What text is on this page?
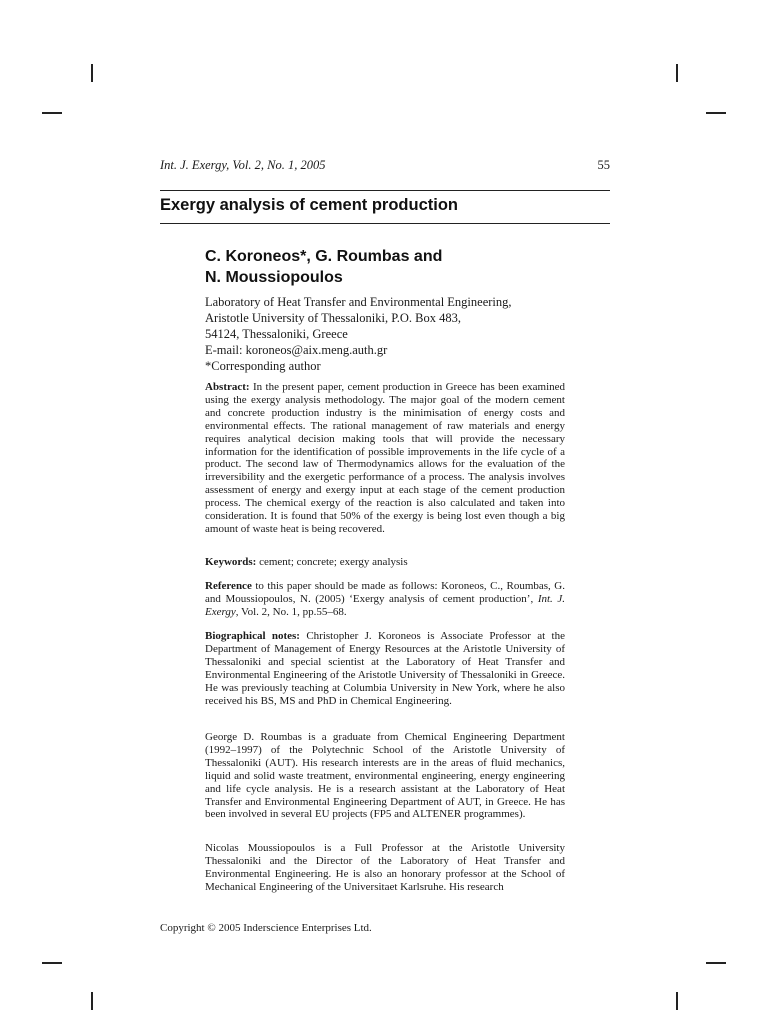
Int. J. Exergy, Vol. 2, No. 1, 2005	55
Exergy analysis of cement production
C. Koroneos*, G. Roumbas and
N. Moussiopoulos
Laboratory of Heat Transfer and Environmental Engineering,
Aristotle University of Thessaloniki, P.O. Box 483,
54124, Thessaloniki, Greece
E-mail: koroneos@aix.meng.auth.gr
*Corresponding author

Abstract: In the present paper, cement production in Greece has been examined using the exergy analysis methodology. The major goal of the modern cement and concrete production industry is the minimisation of energy costs and environmental effects. The rational management of raw materials and energy requires analytical decision making tools that will provide the necessary information for the identification of possible improvements in the life cycle of a product. The second law of Thermodynamics allows for the evaluation of the irreversibility and the exergetic performance of a process. The analysis involves assessment of energy and exergy input at each stage of the cement production process. The chemical exergy of the reaction is also calculated and taken into consideration. It is found that 50% of the exergy is being lost even though a big amount of waste heat is being recovered.

Keywords: cement; concrete; exergy analysis

Reference to this paper should be made as follows: Koroneos, C., Roumbas, G. and Moussiopoulos, N. (2005) ‘Exergy analysis of cement production’, Int. J. Exergy, Vol. 2, No. 1, pp.55–68.

Biographical notes: Christopher J. Koroneos is Associate Professor at the Department of Management of Energy Resources at the Aristotle University of Thessaloniki and special scientist at the Laboratory of Heat Transfer and Environmental Engineering of the Aristotle University of Thessaloniki in Greece. He was previously teaching at Columbia University in New York, where he also received his BS, MS and PhD in Chemical Engineering.

George D. Roumbas is a graduate from Chemical Engineering Department (1992–1997) of the Polytechnic School of the Aristotle University of Thessaloniki (AUT). His research interests are in the areas of fluid mechanics, liquid and solid waste treatment, environmental engineering, energy engineering and life cycle analysis. He is a research assistant at the Laboratory of Heat Transfer and Environmental Engineering Department of AUT, in Greece. He has been involved in several EU projects (FP5 and ALTENER programmes).

Nicolas Moussiopoulos is a Full Professor at the Aristotle University Thessaloniki and the Director of the Laboratory of Heat Transfer and Environmental Engineering. He is also an honorary professor at the School of Mechanical Engineering of the Universitaet Karlsruhe. His research

Copyright © 2005 Inderscience Enterprises Ltd.
